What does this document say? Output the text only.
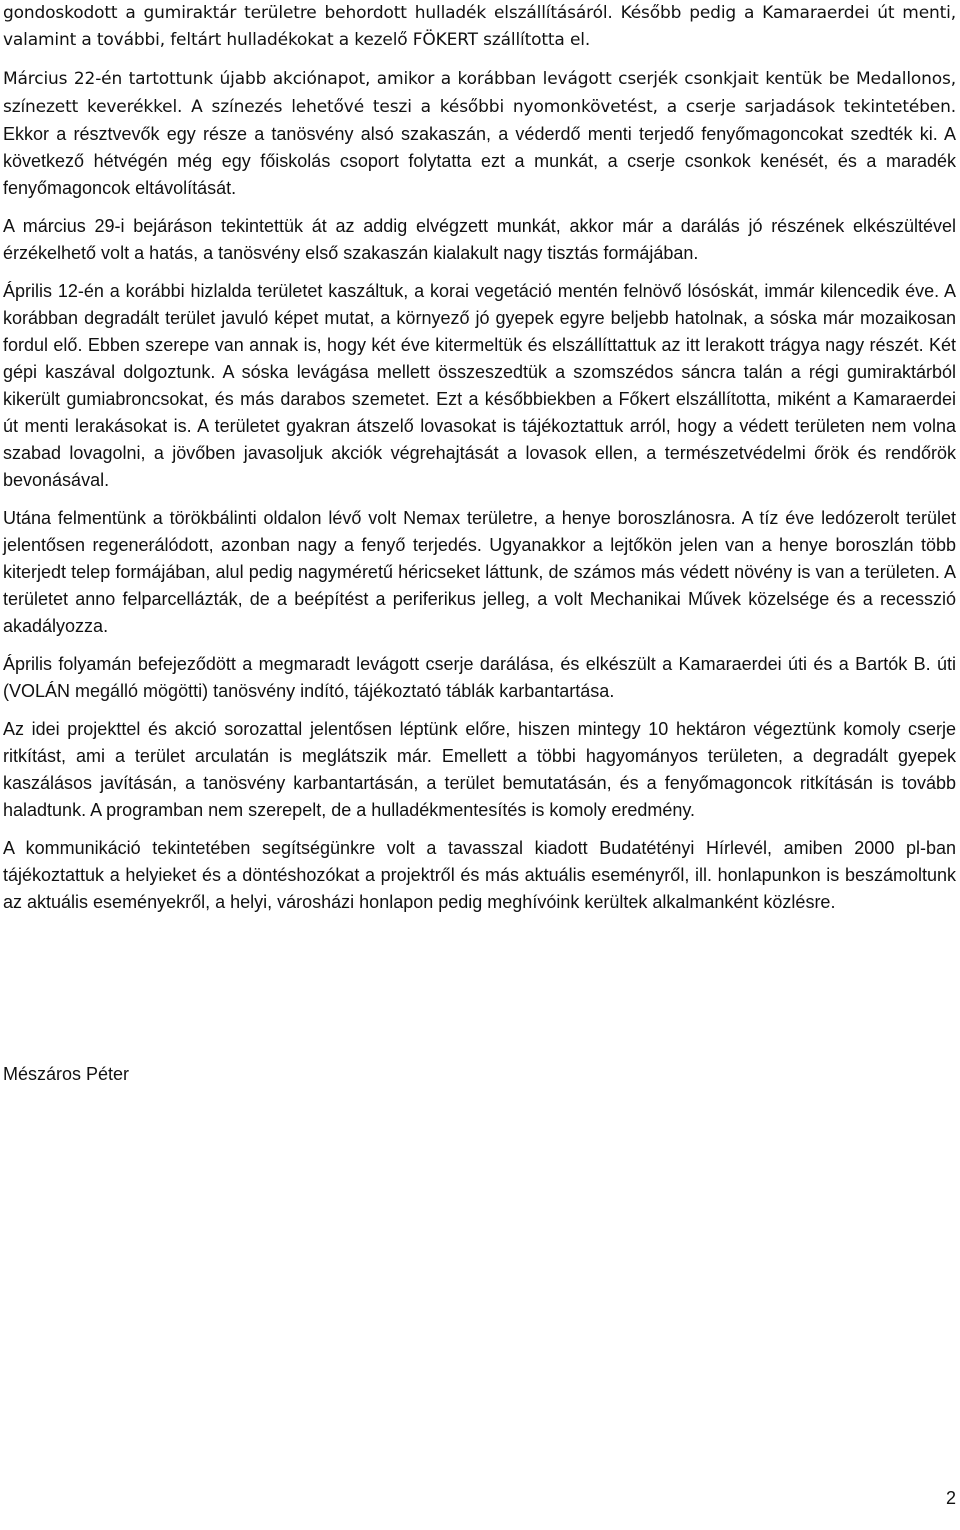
gondoskodott a gumiraktár területre behordott hulladék elszállításáról. Később pedig a Kamaraerdei út menti, valamint a további, feltárt hulladékokat a kezelő FÖKERT szállította el.

Március 22-én tartottunk újabb akciónapot, amikor a korábban levágott cserjék csonkjait kentük be Medallonos, színezett keverékkel. A színezés lehetővé teszi a későbbi nyomonkövetést, a cserje sarjadások tekintetében. Ekkor a résztvevők egy része a tanösvény alsó szakaszán, a véderdő menti terjedő fenyőmagoncokat szedték ki. A következő hétvégén még egy főiskolás csoport folytatta ezt a munkát, a cserje csonkok kenését, és a maradék fenyőmagoncok eltávolítását.

A március 29-i bejáráson tekintettük át az addig elvégzett munkát, akkor már a darálás jó részének elkészültével érzékelhető volt a hatás, a tanösvény első szakaszán kialakult nagy tisztás formájában.

Április 12-én a korábbi hizlalda területet kaszáltuk, a korai vegetáció mentén felnövő lósóskát, immár kilencedik éve. A korábban degradált terület javuló képet mutat, a környező jó gyepek egyre beljebb hatolnak, a sóska már mozaikosan fordul elő. Ebben szerepe van annak is, hogy két éve kitermeltük és elszállíttattuk az itt lerakott trágya nagy részét. Két gépi kaszával dolgoztunk. A sóska levágása mellett összeszedtük a szomszédos sáncra talán a régi gumiraktárból kikerült gumiabroncsokat, és más darabos szemetet. Ezt a későbbiekben a Főkert elszállította, miként a Kamaraerdei út menti lerakásokat is. A területet gyakran átszelő lovasokat is tájékoztattuk arról, hogy a védett területen nem volna szabad lovagolni, a jövőben javasoljuk akciók végrehajtását a lovasok ellen, a természetvédelmi őrök és rendőrök bevonásával.

Utána felmentünk a törökbálinti oldalon lévő volt Nemax területre, a henye boroszlánosra. A tíz éve ledózerolt terület jelentősen regenerálódott, azonban nagy a fenyő terjedés. Ugyanakkor a lejtőkön jelen van a henye boroszlán több kiterjedt telep formájában, alul pedig nagyméretű héricseket láttunk, de számos más védett növény is van a területen. A területet anno felparcellázták, de a beépítést a periferikus jelleg, a volt Mechanikai Művek közelsége és a recesszió akadályozza.

Április folyamán befejeződött a megmaradt levágott cserje darálása, és elkészült a Kamaraerdei úti és a Bartók B. úti (VOLÁN megálló mögötti) tanösvény indító, tájékoztató táblák karbantartása.

Az idei projekttel és akció sorozattal jelentősen léptünk előre, hiszen mintegy 10 hektáron végeztünk komoly cserje ritkítást, ami a terület arculatán is meglátszik már. Emellett a többi hagyományos területen, a degradált gyepek kaszálásos javításán, a tanösvény karbantartásán, a terület bemutatásán, és a fenyőmagoncok ritkításán is tovább haladtunk. A programban nem szerepelt, de a hulladékmentesítés is komoly eredmény.

A kommunikáció tekintetében segítségünkre volt a tavasszal kiadott Budatétényi Hírlevél, amiben 2000 pl-ban tájékoztattuk a helyieket és a döntéshozókat a projektről és más aktuális eseményről, ill. honlapunkon is beszámoltunk az aktuális eseményekről, a helyi, városházi honlapon pedig meghívóink kerültek alkalmanként közlésre.

Mészáros Péter
2
